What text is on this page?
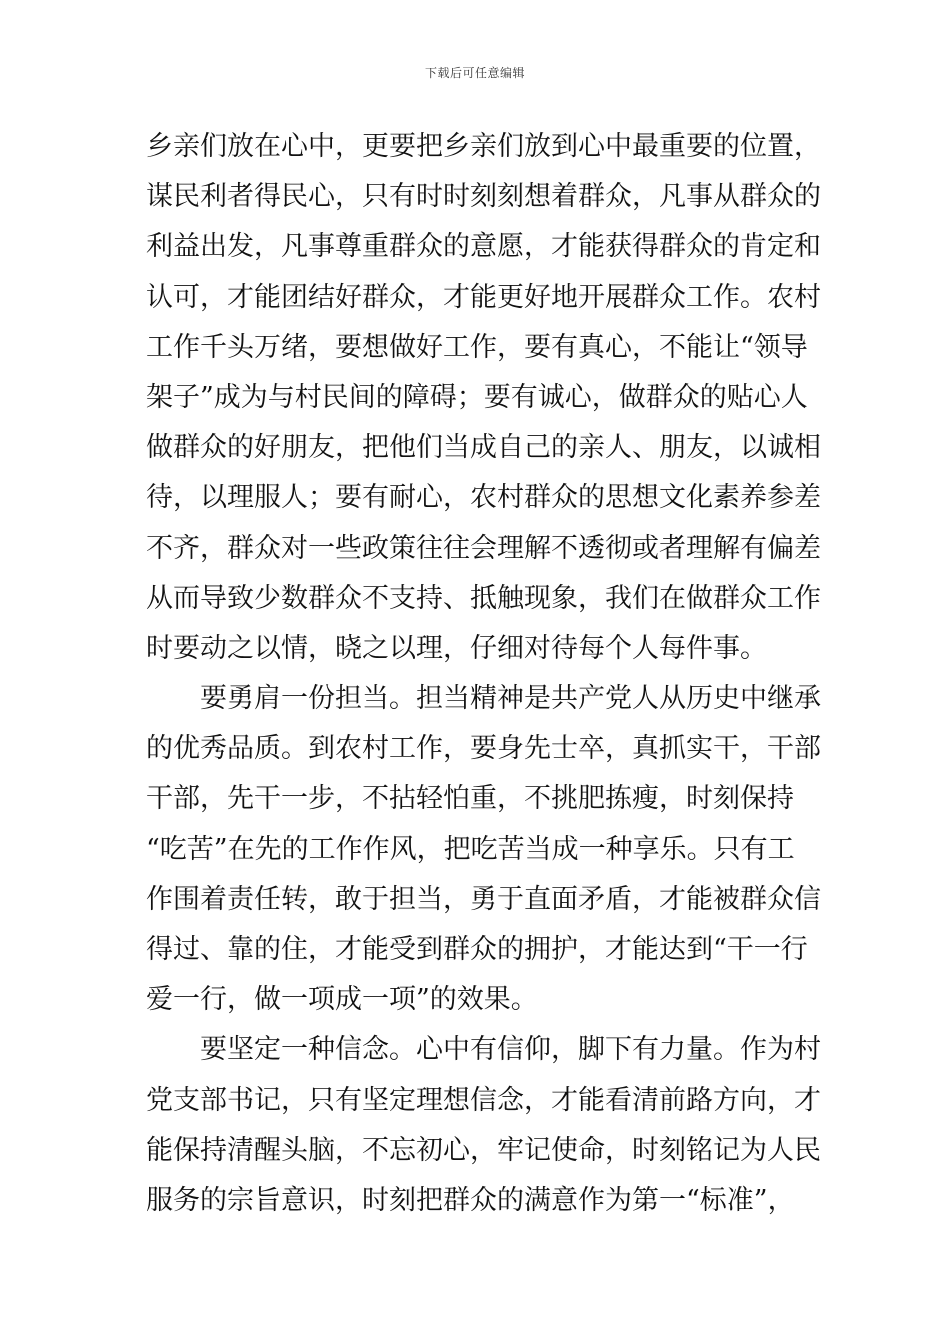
下载后可任意编辑
乡亲们放在心中，更要把乡亲们放到心中最重要的位置，
谋民利者得民心，只有时时刻刻想着群众，凡事从群众的
利益出发，凡事尊重群众的意愿，才能获得群众的肯定和
认可，才能团结好群众，才能更好地开展群众工作。农村
工作千头万绪，要想做好工作，要有真心，不能让“领导
架子”成为与村民间的障碍；要有诚心，做群众的贴心人
做群众的好朋友，把他们当成自己的亲人、朋友，以诚相
待，以理服人；要有耐心，农村群众的思想文化素养参差
不齐，群众对一些政策往往会理解不透彻或者理解有偏差
从而导致少数群众不支持、抵触现象，我们在做群众工作
时要动之以情，晓之以理，仔细对待每个人每件事。
要勇肩一份担当。担当精神是共产党人从历史中继承
的优秀品质。到农村工作，要身先士卒，真抓实干，干部
干部，先干一步，不拈轻怕重，不挑肥拣瘦，时刻保持
“吃苦”在先的工作作风，把吃苦当成一种享乐。只有工
作围着责任转，敢于担当，勇于直面矛盾，才能被群众信
得过、靠的住，才能受到群众的拥护，才能达到“干一行
爱一行，做一项成一项”的效果。
要坚定一种信念。心中有信仰，脚下有力量。作为村
党支部书记，只有坚定理想信念，才能看清前路方向，才
能保持清醒头脑，不忘初心，牢记使命，时刻铭记为人民
服务的宗旨意识，时刻把群众的满意作为第一“标准”，
